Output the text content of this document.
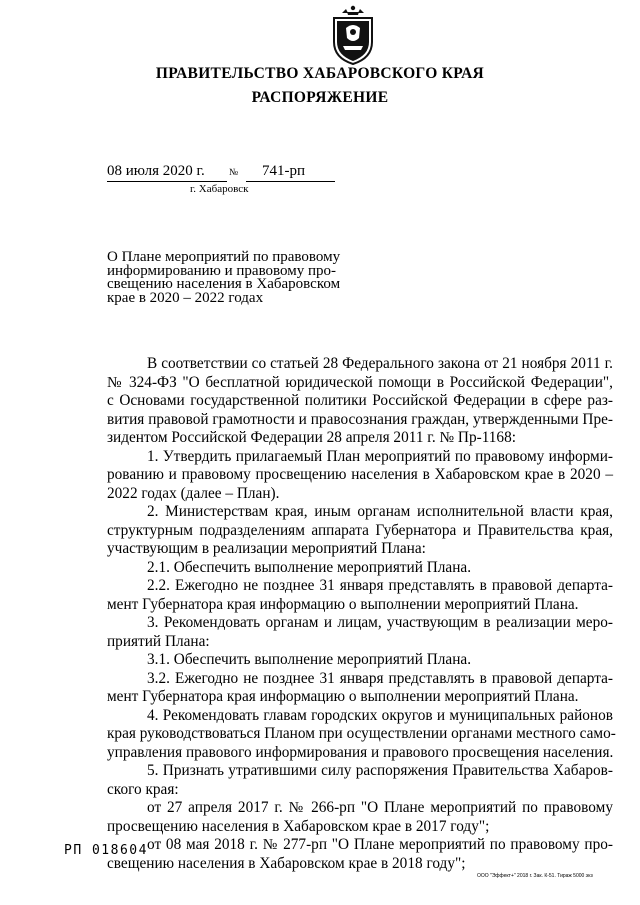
ПРАВИТЕЛЬСТВО ХАБАРОВСКОГО КРАЯ
РАСПОРЯЖЕНИЕ
08 июля 2020 г.	№ 741-рп
г. Хабаровск
О Плане мероприятий по правовому
информированию и правовому про-
свещению населения в Хабаровском
крае в 2020 – 2022 годах
В соответствии со статьей 28 Федерального закона от 21 ноября 2011 г.
№ 324-ФЗ "О бесплатной юридической помощи в Российской Федерации",
с Основами государственной политики Российской Федерации в сфере раз-
вития правовой грамотности и правосознания граждан, утвержденными Пре-
зидентом Российской Федерации 28 апреля 2011 г. № Пр-1168:
1. Утвердить прилагаемый План мероприятий по правовому информи-
рованию и правовому просвещению населения в Хабаровском крае в 2020 –
2022 годах (далее – План).
2. Министерствам края, иным органам исполнительной власти края,
структурным подразделениям аппарата Губернатора и Правительства края,
участвующим в реализации мероприятий Плана:
2.1. Обеспечить выполнение мероприятий Плана.
2.2. Ежегодно не позднее 31 января представлять в правовой департа-
мент Губернатора края информацию о выполнении мероприятий Плана.
3. Рекомендовать органам и лицам, участвующим в реализации меро-
приятий Плана:
3.1. Обеспечить выполнение мероприятий Плана.
3.2. Ежегодно не позднее 31 января представлять в правовой департа-
мент Губернатора края информацию о выполнении мероприятий Плана.
4. Рекомендовать главам городских округов и муниципальных районов
края руководствоваться Планом при осуществлении органами местного само-
управления правового информирования и правового просвещения населения.
5. Признать утратившими силу распоряжения Правительства Хабаров-
ского края:
от 27 апреля 2017 г. № 266-рп "О Плане мероприятий по правовому
просвещению населения в Хабаровском крае в 2017 году";
от 08 мая 2018 г. № 277-рп "О Плане мероприятий по правовому про-
свещению населения в Хабаровском крае в 2018 году";
РП 018604
ООО "Эффект+" 2018 г. Зак. К-51. Тираж 5000 экз
